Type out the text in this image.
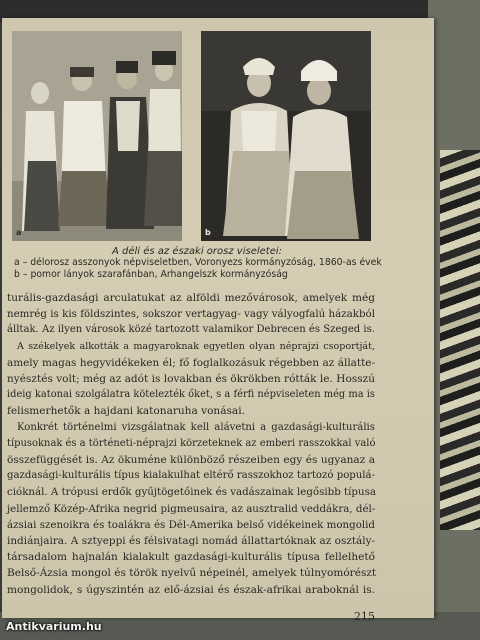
a	b
A déli és az északi orosz viseletei:
a – délorosz asszonyok népviseletben, Voronyezs kormányzóság, 1860-as évek
b – pomor lányok szarafánban, Arhangelszk kormányzóság
turális-gazdasági arculatukat az alföldi mezővárosok, amelyek még
nemrég is kis földszintes, sokszor vertagyag- vagy vályogfalú házakból
álltak. Az ilyen városok közé tartozott valamikor Debrecen és Szeged is.
A székelyek alkották a magyaroknak egyetlen olyan néprajzi csoportját,
amely magas hegyvidékeken él; fő foglalkozásuk régebben az állatte-
nyésztés volt; még az adót is lovakban és ökrökben rótták le. Hosszú
ideig katonai szolgálatra kötelezték őket, s a férfi népviseleten még ma is
felismerhetők a hajdani katonaruha vonásai.
Konkrét történelmi vizsgálatnak kell alávetni a gazdasági-kulturális
típusoknak és a történeti-néprajzi körzeteknek az emberi rasszokkal való
összefüggését is. Az ökuméne különböző részeiben egy és ugyanaz a
gazdasági-kulturális típus kialakulhat eltérő rasszokhoz tartozó populá-
cióknál. A trópusi erdők gyűjtögetőinek és vadászainak legősibb típusa
jellemző Közép-Afrika negrid pigmeusaira, az ausztralid veddákra, dél-
ázsiai szenoikra és toalákra és Dél-Amerika belső vidékeinek mongolid
indiánjaira. A sztyeppi és félsivatagi nomád állattartóknak az osztály-
társadalom hajnalán kialakult gazdasági-kulturális típusa fellelhető
Belső-Ázsia mongol és török nyelvű népeinél, amelyek túlnyomórészt
mongolidok, s úgyszintén az elő-ázsiai és észak-afrikai araboknál is.
215
Antikvarium.hu
